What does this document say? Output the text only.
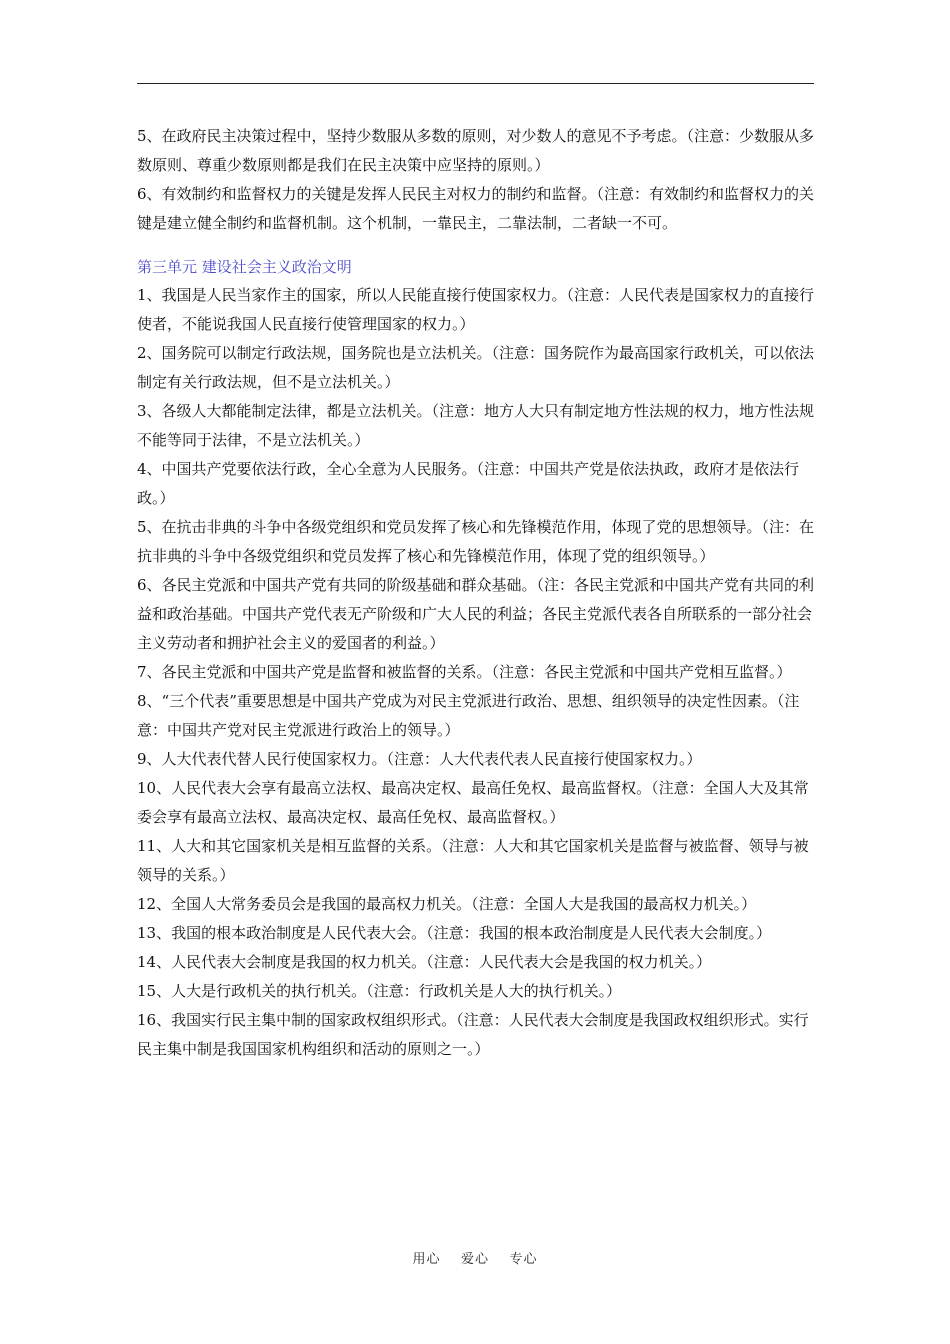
5、在政府民主决策过程中，坚持少数服从多数的原则，对少数人的意见不予考虑。（注意：少数服从多数原则、尊重少数原则都是我们在民主决策中应坚持的原则。）

6、有效制约和监督权力的关键是发挥人民民主对权力的制约和监督。（注意：有效制约和监督权力的关键是建立健全制约和监督机制。这个机制，一靠民主，二靠法制，二者缺一不可。

第三单元 建设社会主义政治文明

1、我国是人民当家作主的国家，所以人民能直接行使国家权力。（注意：人民代表是国家权力的直接行使者，不能说我国人民直接行使管理国家的权力。）

2、国务院可以制定行政法规，国务院也是立法机关。（注意：国务院作为最高国家行政机关，可以依法制定有关行政法规，但不是立法机关。）

3、各级人大都能制定法律，都是立法机关。（注意：地方人大只有制定地方性法规的权力，地方性法规不能等同于法律，不是立法机关。）

4、中国共产党要依法行政，全心全意为人民服务。（注意：中国共产党是依法执政，政府才是依法行政。）

5、在抗击非典的斗争中各级党组织和党员发挥了核心和先锋模范作用，体现了党的思想领导。（注：在抗非典的斗争中各级党组织和党员发挥了核心和先锋模范作用，体现了党的组织领导。）

6、各民主党派和中国共产党有共同的阶级基础和群众基础。（注：各民主党派和中国共产党有共同的利益和政治基础。中国共产党代表无产阶级和广大人民的利益；各民主党派代表各自所联系的一部分社会主义劳动者和拥护社会主义的爱国者的利益。）

7、各民主党派和中国共产党是监督和被监督的关系。（注意：各民主党派和中国共产党相互监督。）

8、“三个代表”重要思想是中国共产党成为对民主党派进行政治、思想、组织领导的决定性因素。（注意：中国共产党对民主党派进行政治上的领导。）

9、人大代表代替人民行使国家权力。（注意：人大代表代表人民直接行使国家权力。）

10、人民代表大会享有最高立法权、最高决定权、最高任免权、最高监督权。（注意：全国人大及其常委会享有最高立法权、最高决定权、最高任免权、最高监督权。）

11、人大和其它国家机关是相互监督的关系。（注意：人大和其它国家机关是监督与被监督、领导与被领导的关系。）

12、全国人大常务委员会是我国的最高权力机关。（注意：全国人大是我国的最高权力机关。）

13、我国的根本政治制度是人民代表大会。（注意：我国的根本政治制度是人民代表大会制度。）

14、人民代表大会制度是我国的权力机关。（注意：人民代表大会是我国的权力机关。）

15、人大是行政机关的执行机关。（注意：行政机关是人大的执行机关。）

16、我国实行民主集中制的国家政权组织形式。（注意：人民代表大会制度是我国政权组织形式。实行民主集中制是我国国家机构组织和活动的原则之一。）

用心    爱心    专心
